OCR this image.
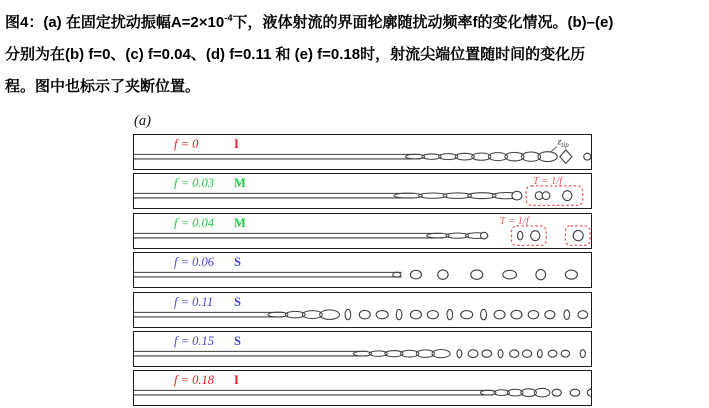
图4：(a) 在固定扰动振幅$A=2\times 10^{-4}$下，液体射流的界面轮廓随扰动频率f的变化情况。(b)–(e)
分别为在(b) f=0、(c) f=0.04、(d) f=0.11 和 (e) f=0.18时，射流尖端位置随时间的变化历
程。图中也标示了夹断位置。
(a)
$z_{tip}$
f = 0	I
T = 1/f
f = 0.03 M
T = 1/f
f = 0.04 M
f = 0.06 S
f = 0.11 S
f = 0.15 S
f = 0.18 I
